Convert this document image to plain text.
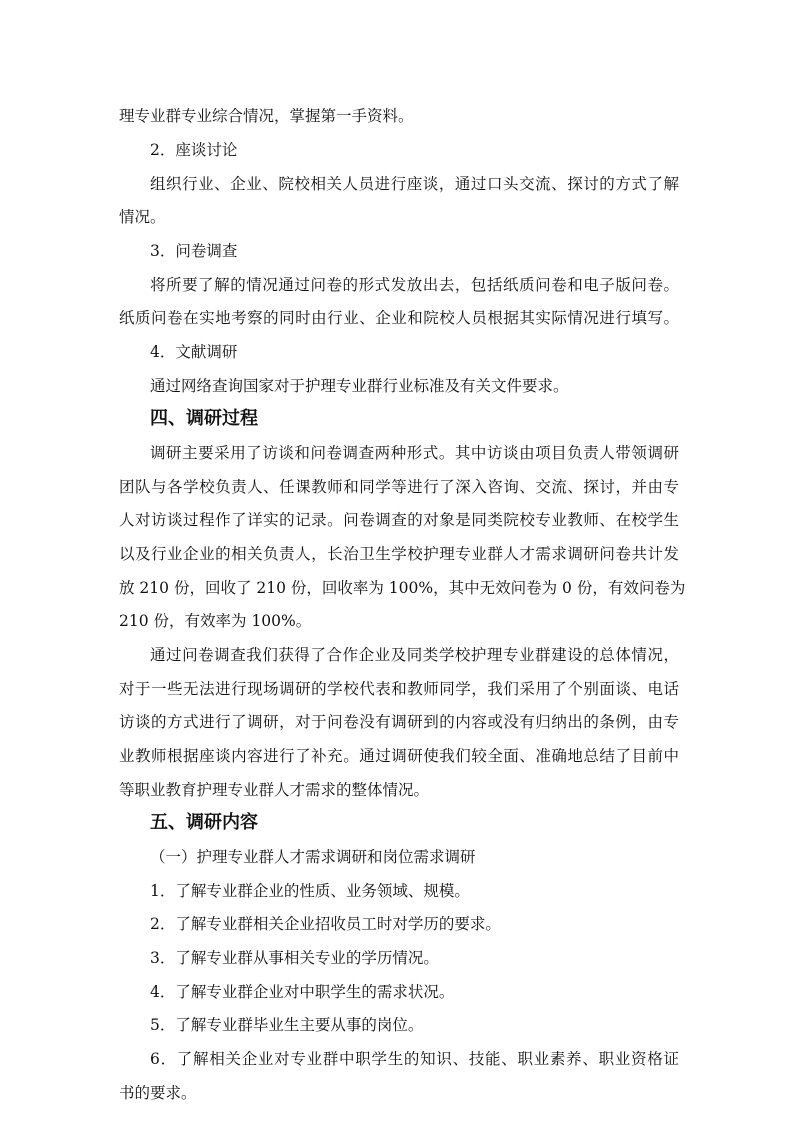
理专业群专业综合情况，掌握第一手资料。
2．座谈讨论
组织行业、企业、院校相关人员进行座谈，通过口头交流、探讨的方式了解
情况。
3．问卷调查
将所要了解的情况通过问卷的形式发放出去，包括纸质问卷和电子版问卷。
纸质问卷在实地考察的同时由行业、企业和院校人员根据其实际情况进行填写。
4．文献调研
通过网络查询国家对于护理专业群行业标准及有关文件要求。
四、调研过程
调研主要采用了访谈和问卷调查两种形式。其中访谈由项目负责人带领调研
团队与各学校负责人、任课教师和同学等进行了深入咨询、交流、探讨，并由专
人对访谈过程作了详实的记录。问卷调查的对象是同类院校专业教师、在校学生
以及行业企业的相关负责人，长治卫生学校护理专业群人才需求调研问卷共计发
放 210 份，回收了 210 份，回收率为 100%，其中无效问卷为 0 份，有效问卷为
210 份，有效率为 100%。
通过问卷调查我们获得了合作企业及同类学校护理专业群建设的总体情况，
对于一些无法进行现场调研的学校代表和教师同学，我们采用了个别面谈、电话
访谈的方式进行了调研，对于问卷没有调研到的内容或没有归纳出的条例，由专
业教师根据座谈内容进行了补充。通过调研使我们较全面、准确地总结了目前中
等职业教育护理专业群人才需求的整体情况。
五、调研内容
（一）护理专业群人才需求调研和岗位需求调研
1．了解专业群企业的性质、业务领域、规模。
2．了解专业群相关企业招收员工时对学历的要求。
3．了解专业群从事相关专业的学历情况。
4．了解专业群企业对中职学生的需求状况。
5．了解专业群毕业生主要从事的岗位。
6．了解相关企业对专业群中职学生的知识、技能、职业素养、职业资格证
书的要求。
